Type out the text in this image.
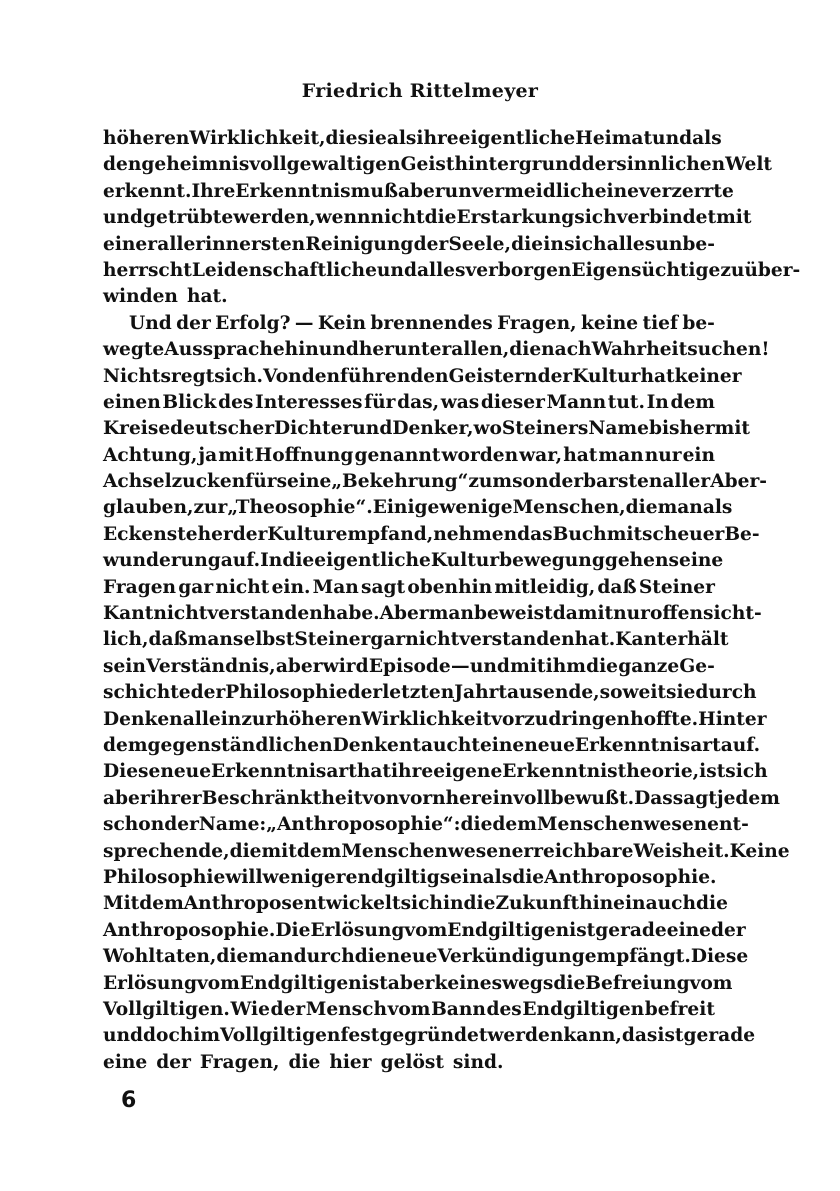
Friedrich Rittelmeyer
höheren Wirklichkeit, die sie als ihre eigentliche Heimat und als
den geheimnisvoll gewaltigen Geisthintergrund der sinnlichen Welt
erkennt. Ihre Erkenntnis muß aber unvermeidlich eine verzerrte
und getrübte werden, wenn nicht die Erstarkung sich verbindet mit
einer allerinnersten Reinigung der Seele, die in sich alles unbe-
herrscht Leidenschaftliche und alles verborgen Eigensüchtige zu über-
winden hat.
Und der Erfolg? — Kein brennendes Fragen, keine tief be-
wegte Aussprache hin und her unter allen, die nach Wahrheit suchen!
Nichts regt sich. Von den führenden Geistern der Kultur hat keiner
einen Blick des Interesses für das, was dieser Mann tut. In dem
Kreise deutscher Dichter und Denker, wo Steiners Name bisher mit
Achtung, ja mit Hoffnung genannt worden war, hat man nur ein
Achselzucken für seine „Bekehrung“ zum sonderbarsten aller Aber-
glauben, zur „Theosophie“. Einige wenige Menschen, die man als
Eckensteher der Kultur empfand, nehmen das Buch mit scheuer Be-
wunderung auf. In die eigentliche Kulturbewegung gehen seine
Fragen gar nicht ein. Man sagt obenhin mitleidig, daß Steiner
Kant nicht verstanden habe. Aber man beweist damit nur offensicht-
lich, daß man selbst Steiner gar nicht verstanden hat. Kant erhält
sein Verständnis, aber wird Episode — und mit ihm die ganze Ge-
schichte der Philosophie der letzten Jahrtausende, soweit sie durch
Denken allein zur höheren Wirklichkeit vorzudringen hoffte. Hinter
dem gegenständlichen Denken taucht eine neue Erkenntnisart auf.
Diese neue Erkenntnisart hat ihre eigene Erkenntnistheorie, ist sich
aber ihrer Beschränktheit von vornherein voll bewußt. Das sagt jedem
schon der Name: „Anthroposophie“: die dem Menschenwesen ent-
sprechende, die mit dem Menschenwesen erreichbare Weisheit. Keine
Philosophie will weniger endgiltig sein als die Anthroposophie.
Mit dem Anthropos entwickelt sich in die Zukunft hinein auch die
Anthroposophie. Die Erlösung vom Endgiltigen ist gerade eine der
Wohltaten, die man durch die neue Verkündigung empfängt. Diese
Erlösung vom Endgiltigen ist aber keineswegs die Befreiung vom
Vollgiltigen. Wie der Mensch vom Bann des Endgiltigen befreit
und doch im Vollgiltigen fest gegründet werden kann, das ist gerade
eine der Fragen, die hier gelöst sind.
6
